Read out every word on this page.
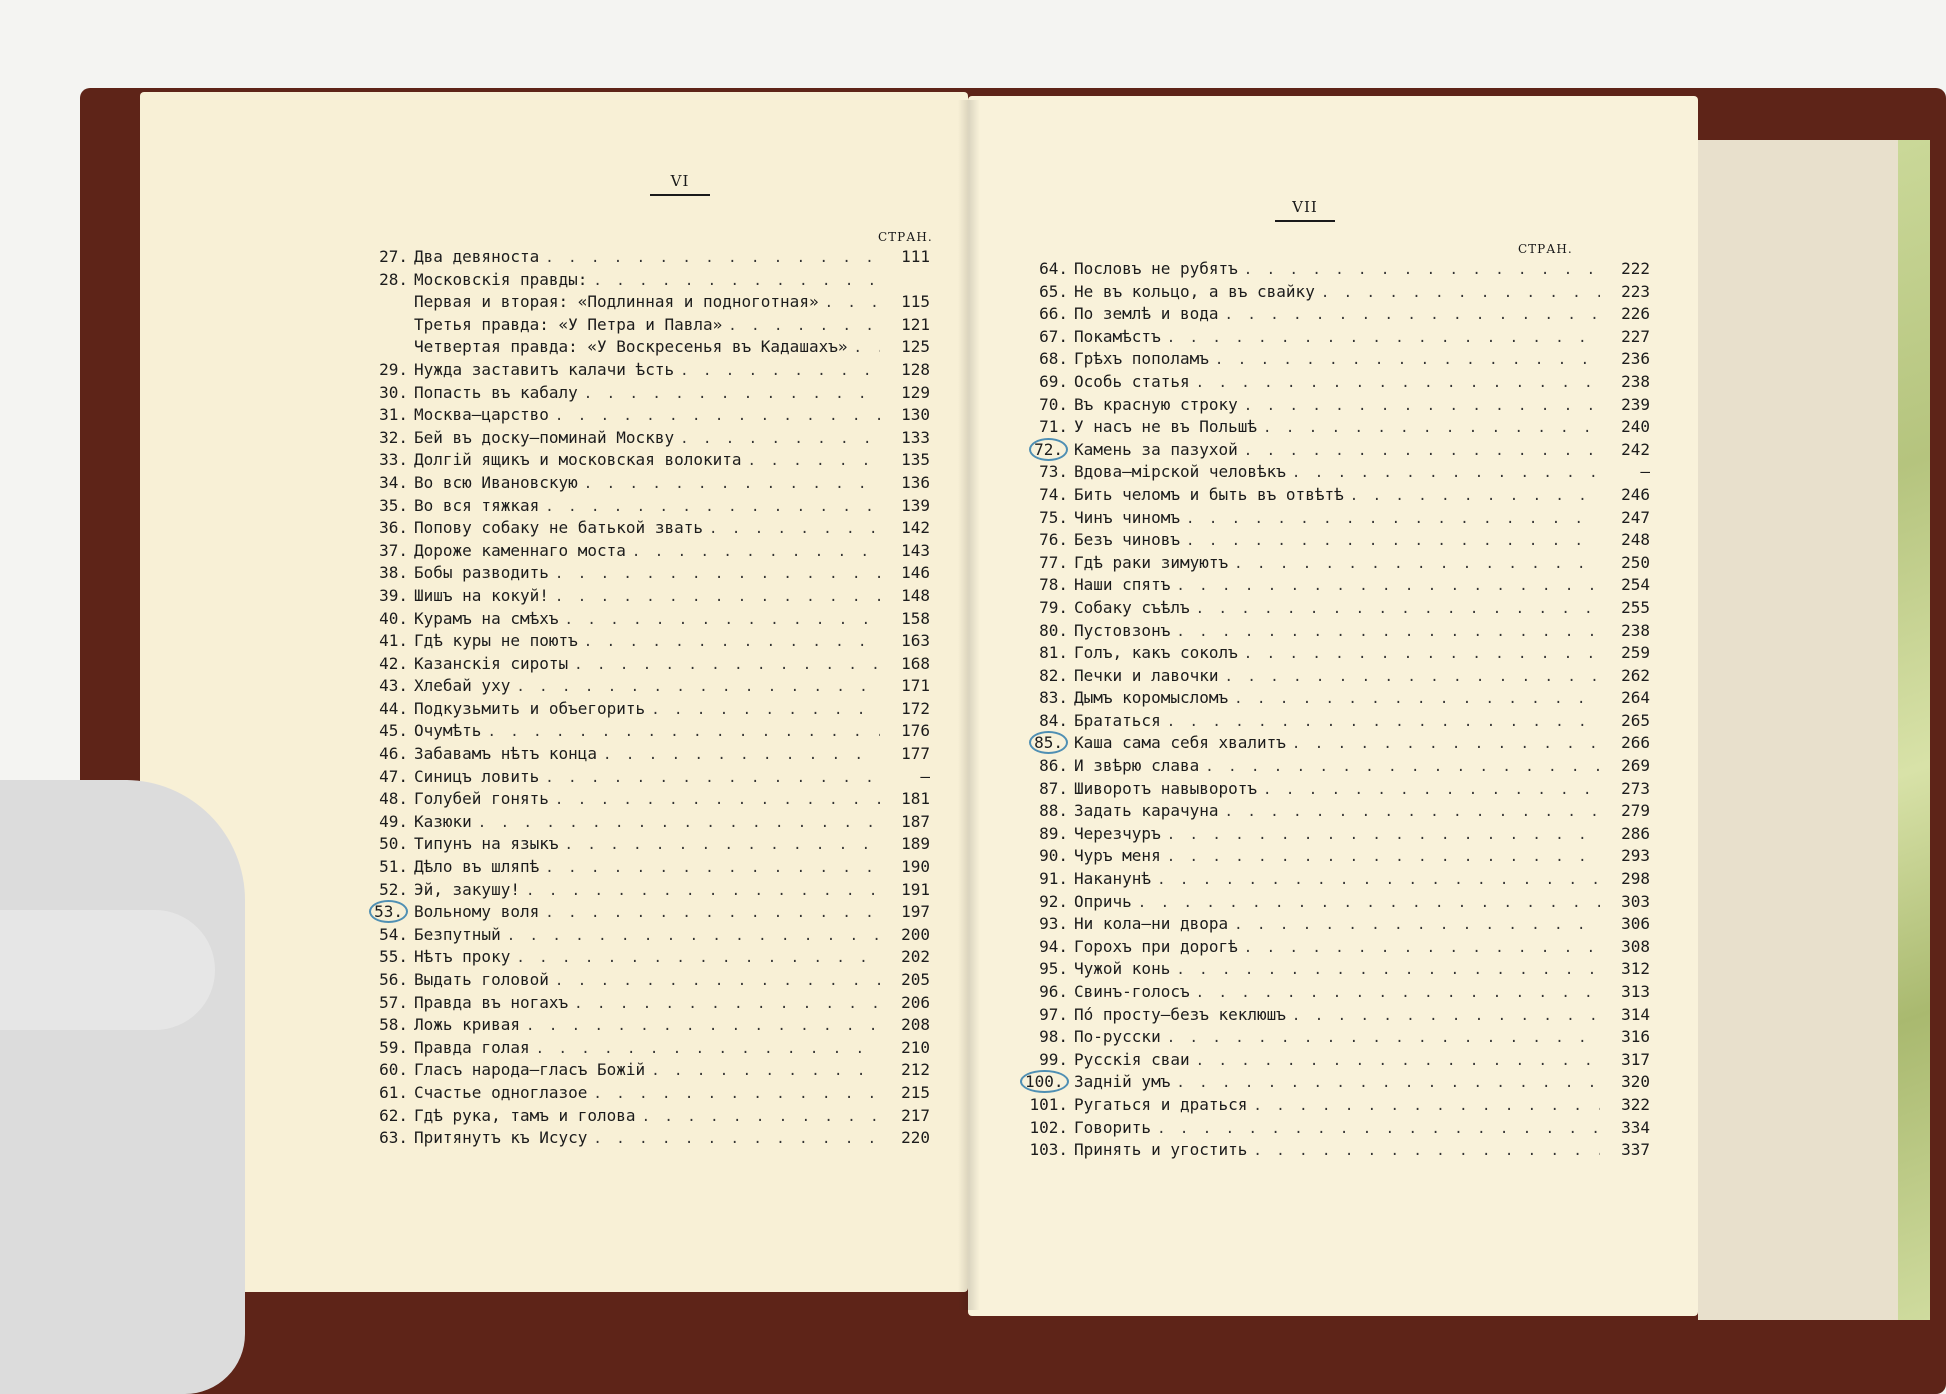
VI
СТРАН.
27. Два девяноста . . .	111
28. Московскія правды:
. . .
Первая и вторая: «Подлинная и подноготная» . . .	115
Третья правда: «У Петра и Павла» . . .	121
Четвертая правда: «У Воскресенья въ Кадашахъ» . . .	125
29. Нужда заставитъ калачи ѣсть . . .	128
30. Попасть въ кабалу . . .	129
31. Москва—царство . . .	130
32. Бей въ доску—поминай Москву . . .	133
33. Долгій ящикъ и московская волокита . . .	135
34. Во всю Ивановскую . . .	136
35. Во вся тяжкая . . .	139
36. Попову собаку не батькой звать . . .	142
37. Дороже каменнаго моста . . .	143
38. Бобы разводить . . .	146
39. Шишъ на кокуй! . . .	148
40. Курамъ на смѣхъ . . .	158
41. Гдѣ куры не поютъ . . .	163
42. Казанскія сироты . . .	168
43. Хлебай уху . . .	171
44. Подкузьмить и объегорить . . .	172
45. Очумѣть . . .	176
46. Забавамъ нѣтъ конца . . .	177
47. Синицъ ловить . . .	—
48. Голубей гонять . . .	181
49. Казюки . . .	187
50. Типунъ на языкъ . . .	189
51. Дѣло въ шляпѣ . . .	190
52. Эй, закушу! . . .	191
53. Вольному воля . . .	197
54. Безпутный . . .	200
55. Нѣтъ проку . . .	202
56. Выдать головой . . .	205
57. Правда въ ногахъ . . .	206
58. Ложь кривая . . .	208
59. Правда голая . . .	210
60. Гласъ народа—гласъ Божій . . .	212
61. Счастье одноглазое . . .	215
62. Гдѣ рука, тамъ и голова . . .	217
63. Притянутъ къ Исусу . . .	220
VII
СТРАН.
64. Пословъ не рубятъ . . .	222
65. Не въ кольцо, а въ свайку . . .	223
66. По землѣ и вода . . .	226
67. Покамѣстъ . . .	227
68. Грѣхъ пополамъ . . .	236
69. Особь статья . . .	238
70. Въ красную строку . . .	239
71. У насъ не въ Польшѣ . . .	240
72. Камень за пазухой . . .	242
73. Вдова—мірской человѣкъ . . .	—
74. Бить челомъ и быть въ отвѣтѣ . . .	246
75. Чинъ чиномъ . . .	247
76. Безъ чиновъ . . .	248
77. Гдѣ раки зимуютъ . . .	250
78. Наши спятъ . . .	254
79. Собаку съѣлъ . . .	255
80. Пустовзонъ . . .	238
81. Голъ, какъ соколъ . . .	259
82. Печки и лавочки . . .	262
83. Дымъ коромысломъ . . .	264
84. Брататься . . .	265
85. Каша сама себя хвалитъ . . .	266
86. И звѣрю слава . . .	269
87. Шиворотъ навыворотъ . . .	273
88. Задать карачуна . . .	279
89. Черезчуръ . . .	286
90. Чуръ меня . . .	293
91. Наканунѣ . . .	298
92. Опричь . . .	303
93. Ни кола—ни двора . . .	306
94. Горохъ при дорогѣ . . .	308
95. Чужой конь . . .	312
96. Свинъ-голосъ . . .	313
97. По́ просту—безъ кеклюшъ . . .	314
98. По-русски . . .	316
99. Русскія сваи . . .	317
100. Задній умъ . . .	320
101. Ругаться и драться . . .	322
102. Говорить . . .	334
103. Принять и угостить . . .	337
